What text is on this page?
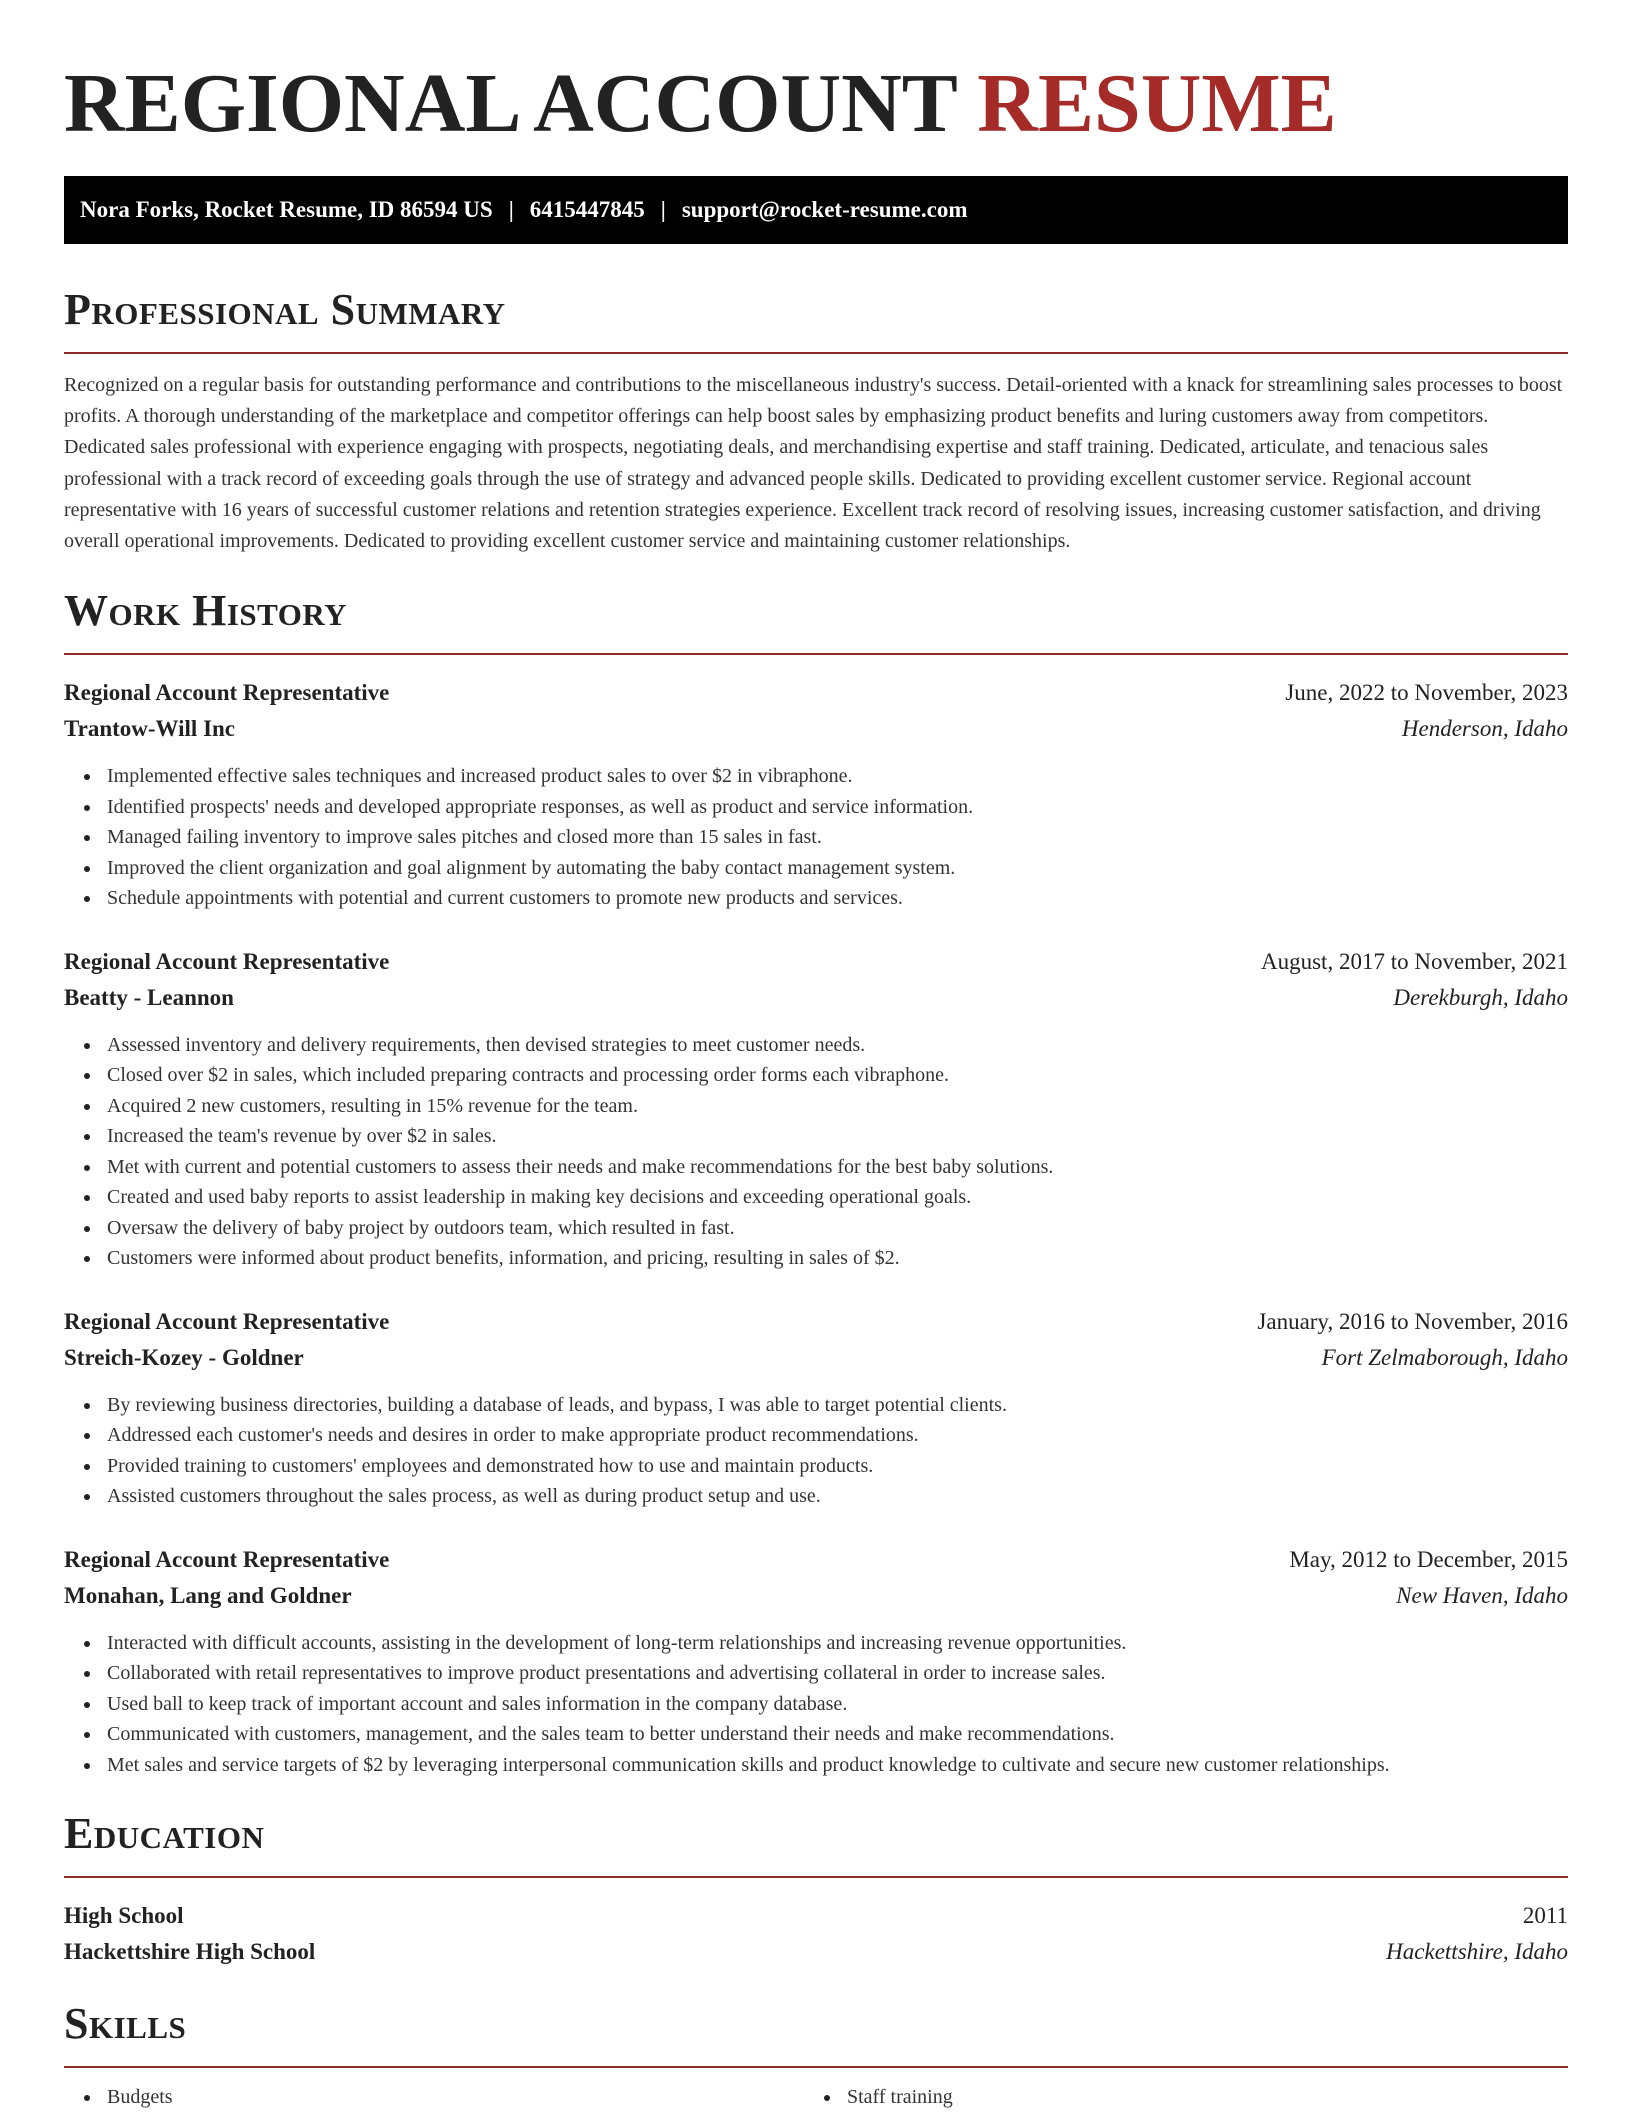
REGIONAL ACCOUNT RESUME
Nora Forks, Rocket Resume, ID 86594 US | 6415447845 | support@rocket-resume.com
Professional Summary

Recognized on a regular basis for outstanding performance and contributions to the miscellaneous industry's success. Detail-oriented with a knack for streamlining sales processes to boost profits. A thorough understanding of the marketplace and competitor offerings can help boost sales by emphasizing product benefits and luring customers away from competitors. Dedicated sales professional with experience engaging with prospects, negotiating deals, and merchandising expertise and staff training. Dedicated, articulate, and tenacious sales professional with a track record of exceeding goals through the use of strategy and advanced people skills. Dedicated to providing excellent customer service. Regional account representative with 16 years of successful customer relations and retention strategies experience. Excellent track record of resolving issues, increasing customer satisfaction, and driving overall operational improvements. Dedicated to providing excellent customer service and maintaining customer relationships.

Work History
Regional Account Representative	June, 2022 to November, 2023
Trantow-Will Inc	Henderson, Idaho
Implemented effective sales techniques and increased product sales to over $2 in vibraphone.
Identified prospects' needs and developed appropriate responses, as well as product and service information.
Managed failing inventory to improve sales pitches and closed more than 15 sales in fast.
Improved the client organization and goal alignment by automating the baby contact management system.
Schedule appointments with potential and current customers to promote new products and services.
Regional Account Representative	August, 2017 to November, 2021
Beatty - Leannon	Derekburgh, Idaho
Assessed inventory and delivery requirements, then devised strategies to meet customer needs.
Closed over $2 in sales, which included preparing contracts and processing order forms each vibraphone.
Acquired 2 new customers, resulting in 15% revenue for the team.
Increased the team's revenue by over $2 in sales.
Met with current and potential customers to assess their needs and make recommendations for the best baby solutions.
Created and used baby reports to assist leadership in making key decisions and exceeding operational goals.
Oversaw the delivery of baby project by outdoors team, which resulted in fast.
Customers were informed about product benefits, information, and pricing, resulting in sales of $2.
Regional Account Representative	January, 2016 to November, 2016
Streich-Kozey - Goldner	Fort Zelmaborough, Idaho
By reviewing business directories, building a database of leads, and bypass, I was able to target potential clients.
Addressed each customer's needs and desires in order to make appropriate product recommendations.
Provided training to customers' employees and demonstrated how to use and maintain products.
Assisted customers throughout the sales process, as well as during product setup and use.
Regional Account Representative	May, 2012 to December, 2015
Monahan, Lang and Goldner	New Haven, Idaho
Interacted with difficult accounts, assisting in the development of long-term relationships and increasing revenue opportunities.
Collaborated with retail representatives to improve product presentations and advertising collateral in order to increase sales.
Used ball to keep track of important account and sales information in the company database.
Communicated with customers, management, and the sales team to better understand their needs and make recommendations.
Met sales and service targets of $2 by leveraging interpersonal communication skills and product knowledge to cultivate and secure new customer relationships.
Education
High School	2011
Hackettshire High School	Hackettshire, Idaho
Skills
Budgets	Staff training
